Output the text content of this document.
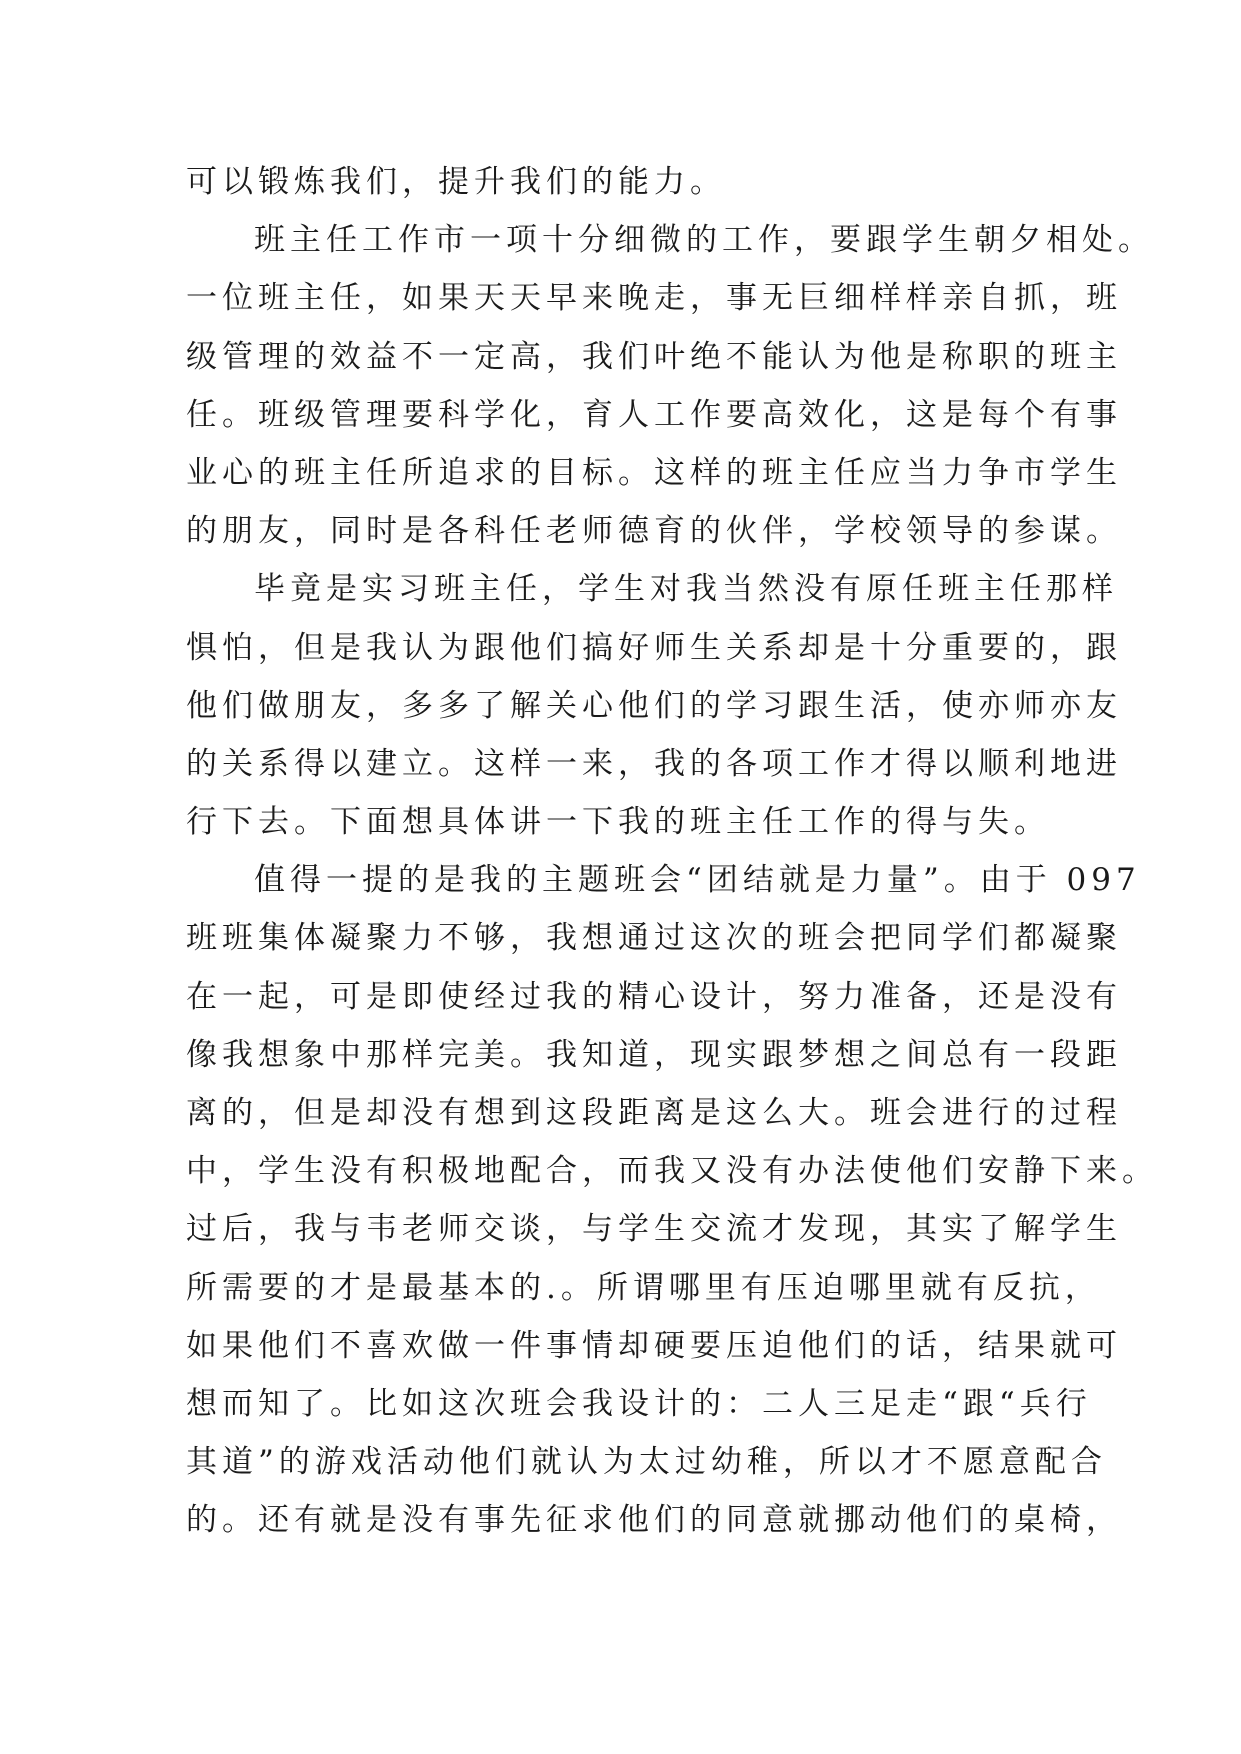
可以锻炼我们，提升我们的能力。
班主任工作市一项十分细微的工作，要跟学生朝夕相处。
一位班主任，如果天天早来晚走，事无巨细样样亲自抓，班
级管理的效益不一定高，我们叶绝不能认为他是称职的班主
任。班级管理要科学化，育人工作要高效化，这是每个有事
业心的班主任所追求的目标。这样的班主任应当力争市学生
的朋友，同时是各科任老师德育的伙伴，学校领导的参谋。
毕竟是实习班主任，学生对我当然没有原任班主任那样
惧怕，但是我认为跟他们搞好师生关系却是十分重要的，跟
他们做朋友，多多了解关心他们的学习跟生活，使亦师亦友
的关系得以建立。这样一来，我的各项工作才得以顺利地进
行下去。下面想具体讲一下我的班主任工作的得与失。
值得一提的是我的主题班会“团结就是力量”。由于 097
班班集体凝聚力不够，我想通过这次的班会把同学们都凝聚
在一起，可是即使经过我的精心设计，努力准备，还是没有
像我想象中那样完美。我知道，现实跟梦想之间总有一段距
离的，但是却没有想到这段距离是这么大。班会进行的过程
中，学生没有积极地配合，而我又没有办法使他们安静下来。
过后，我与韦老师交谈，与学生交流才发现，其实了解学生
所需要的才是最基本的.。所谓哪里有压迫哪里就有反抗，
如果他们不喜欢做一件事情却硬要压迫他们的话，结果就可
想而知了。比如这次班会我设计的：二人三足走“跟“兵行
其道”的游戏活动他们就认为太过幼稚，所以才不愿意配合
的。还有就是没有事先征求他们的同意就挪动他们的桌椅，
